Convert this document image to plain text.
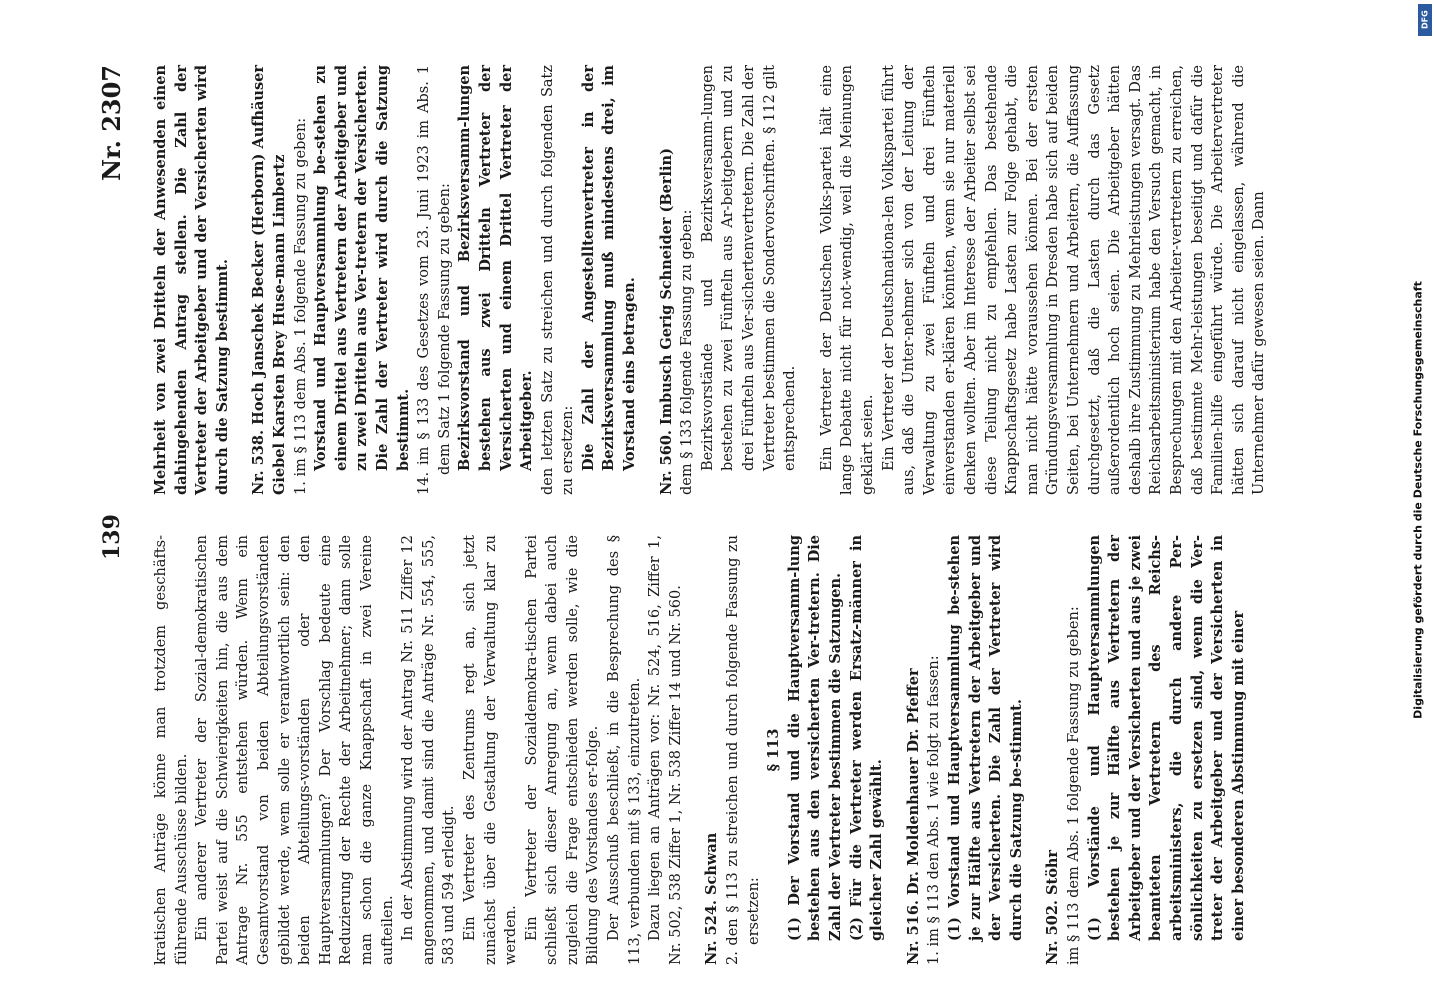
139
Nr. 2307

kratischen Anträge könne man trotzdem geschäfts-führende Ausschüsse bilden. Ein anderer Vertreter der Sozial-demokratischen Partei weist auf die Schwierigkeiten hin, die aus dem Antrage Nr. 555 entstehen würden. Wenn ein Gesamtvorstand von beiden Abteilungsvorständen gebildet werde, wem solle er verantwortlich sein: den beiden Abteilungs-vorständen oder den Hauptversammlungen? Der Vorschlag bedeute eine Reduzierung der Rechte der Arbeitnehmer; dann solle man schon die ganze Knappschaft in zwei Vereine aufteilen. In der Abstimmung wird der Antrag Nr. 511 Ziffer 12 angenommen, und damit sind die Anträge Nr. 554, 555, 583 und 594 erledigt. Ein Vertreter des Zentrums regt an, sich jetzt zunächst über die Gestaltung der Verwaltung klar zu werden. Ein Vertreter der Sozialdemokra-tischen Partei schließt sich dieser Anregung an, wenn dabei auch zugleich die Frage entschieden werden solle, wie die Bildung des Vorstandes er-folge. Der Ausschuß beschließt, in die Besprechung des § 113, verbunden mit § 133, einzutreten. Dazu liegen an Anträgen vor: Nr. 524, 516, Ziffer 1, Nr. 502, 538 Ziffer 1, Nr. 538 Ziffer 14 und Nr. 560. Nr. 524. Schwan 2. den § 113 zu streichen und durch folgende Fassung zu ersetzen:

§ 113 (1) Der Vorstand und die Hauptversamm-lung bestehen aus den versicherten Ver-tretern. Die Zahl der Vertreter bestimmen die Satzungen. (2) Für die Vertreter werden Ersatz-männer in gleicher Zahl gewählt. Nr. 516. Dr. Moldenhauer Dr. Pfeffer 1. im § 113 den Abs. 1 wie folgt zu fassen: (1) Vorstand und Hauptversammlung be-stehen je zur Hälfte aus Vertretern der Arbeitgeber und der Versicherten. Die Zahl der Vertreter wird durch die Satzung be-stimmt. Nr. 502. Stöhr im § 113 dem Abs. 1 folgende Fassung zu geben: (1) Vorstände und Hauptversammlungen bestehen je zur Hälfte aus Vertretern der Arbeitgeber und der Versicherten und aus je zwei beamteten Vertretern des Reichs-arbeitsministers, die durch andere Per-sönlichkeiten zu ersetzen sind, wenn die Ver-treter der Arbeitgeber und der Versicherten in einer besonderen Abstimmung mit einer

Mehrheit von zwei Dritteln der Anwesenden einen dahingehenden Antrag stellen. Die Zahl der Vertreter der Arbeitgeber und der Versicherten wird durch die Satzung bestimmt. Nr. 538. Hoch Janschek Becker (Herborn) Aufhäuser Giebel Karsten Brey Huse-mann Limbertz 1. im § 113 dem Abs. 1 folgende Fassung zu geben: Vorstand und Hauptversammlung be-stehen zu einem Drittel aus Vertretern der Arbeitgeber und zu zwei Dritteln aus Ver-tretern der Versicherten. Die Zahl der Vertreter wird durch die Satzung bestimmt. 14. im § 133 des Gesetzes vom 23. Juni 1923 im Abs. 1 dem Satz 1 folgende Fassung zu geben: Bezirksvorstand und Bezirksversamm-lungen bestehen aus zwei Dritteln Vertreter der Versicherten und einem Drittel Vertreter der Arbeitgeber. den letzten Satz zu streichen und durch folgenden Satz zu ersetzen: Die Zahl der Angestelltenvertreter in der Bezirksversammlung muß mindestens drei, im Vorstand eins betragen. Nr. 560. Imbusch Gerig Schneider (Berlin) dem § 133 folgende Fassung zu geben: Bezirksvorstände und Bezirksversamm-lungen bestehen zu zwei Fünfteln aus Ar-beitgebern und zu drei Fünfteln aus Ver-sichertenvertretern. Die Zahl der Vertreter bestimmen die Sondervorschriften. § 112 gilt entsprechend. Ein Vertreter der Deutschen Volks-partei hält eine lange Debatte nicht für not-wendig, weil die Meinungen geklärt seien. Ein Vertreter der Deutschnationa-len Volkspartei führt aus, daß die Unter-nehmer sich von der Leitung der Verwaltung zu zwei Fünfteln und drei Fünfteln einverstanden er-klären könnten, wenn sie nur materiell denken wollten. Aber im Interesse der Arbeiter selbst sei diese Teilung nicht zu empfehlen. Das bestehende Knappschaftsgesetz habe Lasten zur Folge gehabt, die man nicht hätte voraussehen können. Bei der ersten Gründungsversammlung in Dresden habe sich auf beiden Seiten, bei Unternehmern und Arbeitern, die Auffassung durchgesetzt, daß die Lasten durch das Gesetz außerordentlich hoch seien. Die Arbeitgeber hätten deshalb ihre Zustimmung zu Mehrleistungen versagt. Das Reichsarbeitsministerium habe den Versuch gemacht, in Besprechungen mit den Arbeiter-vertretern zu erreichen, daß bestimmte Mehr-leistungen beseitigt und dafür die Familien-hilfe eingeführt würde. Die Arbeitervertreter hätten sich darauf nicht eingelassen, während die Unternehmer dafür gewesen seien. Dann

DFG
Digitalisierung gefördert durch die Deutsche Forschungsgemeinschaft
